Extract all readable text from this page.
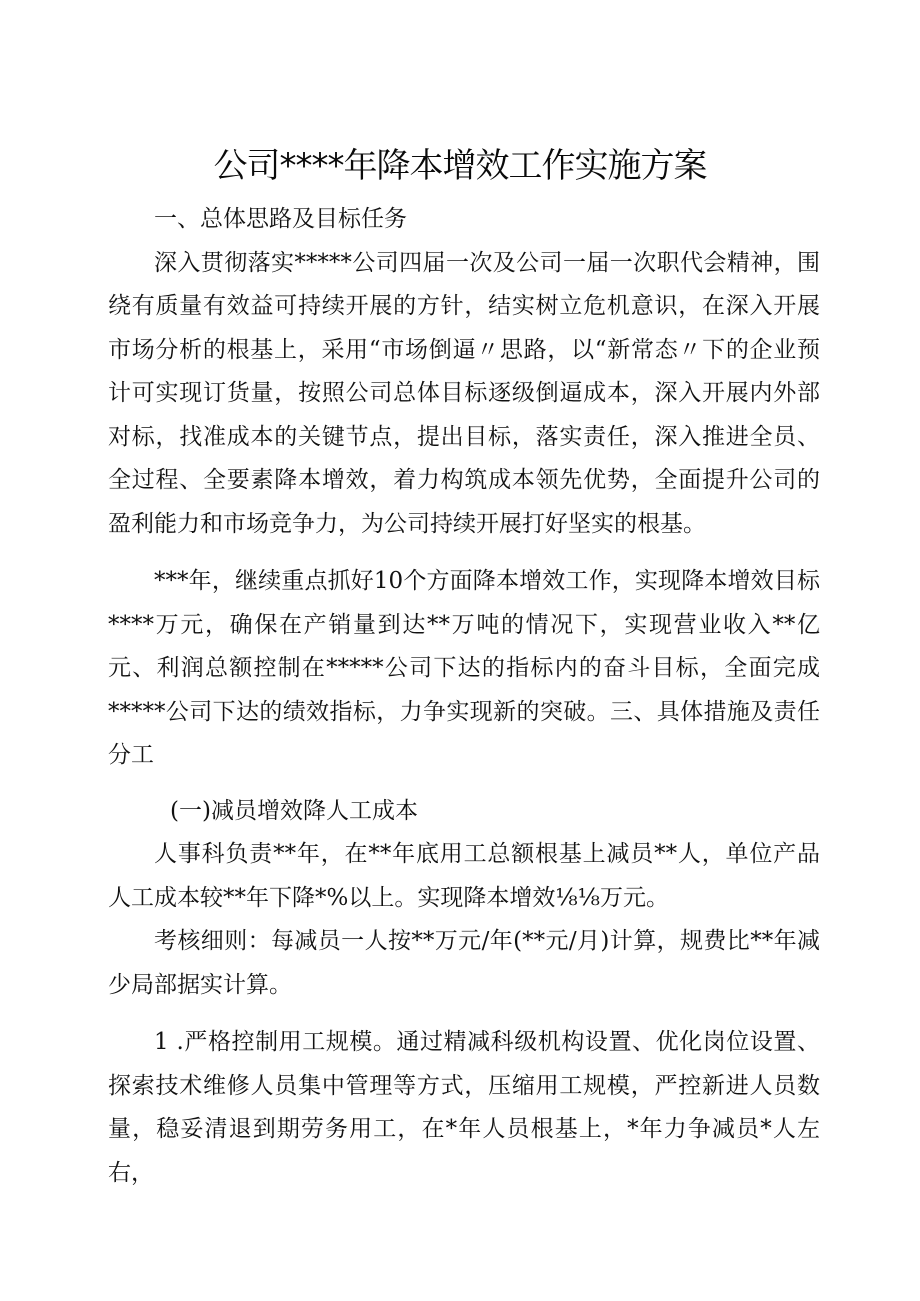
公司****年降本增效工作实施方案

一、总体思路及目标任务

深入贯彻落实*****公司四届一次及公司一届一次职代会精神，围绕有质量有效益可持续开展的方针，结实树立危机意识，在深入开展市场分析的根基上，采用“市场倒逼〃思路，以“新常态〃下的企业预计可实现订货量，按照公司总体目标逐级倒逼成本，深入开展内外部对标，找准成本的关键节点，提出目标，落实责任，深入推进全员、全过程、全要素降本增效，着力构筑成本领先优势，全面提升公司的盈利能力和市场竞争力，为公司持续开展打好坚实的根基。

***年，继续重点抓好10个方面降本增效工作，实现降本增效目标****万元，确保在产销量到达**万吨的情况下，实现营业收入**亿元、利润总额控制在*****公司下达的指标内的奋斗目标，全面完成*****公司下达的绩效指标，力争实现新的突破。三、具体措施及责任分工

(一)减员增效降人工成本

人事科负责**年，在**年底用工总额根基上减员**人，单位产品人工成本较**年下降*%以上。实现降本增效⅛⅛万元。

考核细则：每减员一人按**万元/年(**元/月)计算，规费比**年减少局部据实计算。

1 .严格控制用工规模。通过精减科级机构设置、优化岗位设置、探索技术维修人员集中管理等方式，压缩用工规模，严控新进人员数量，稳妥清退到期劳务用工，在*年人员根基上，*年力争减员*人左右，
